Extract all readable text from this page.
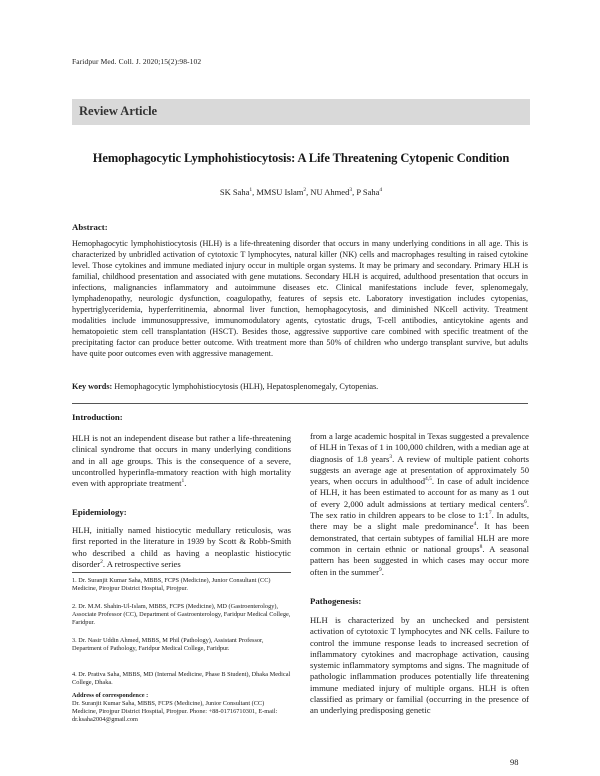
Faridpur Med. Coll. J. 2020;15(2):98-102
Review Article
Hemophagocytic Lymphohistiocytosis: A Life Threatening Cytopenic Condition
SK Saha$^1$, MMSU Islam$^2$, NU Ahmed$^3$, P Saha$^4$
Abstract:
Hemophagocytic lymphohistiocytosis (HLH) is a life-threatening disorder that occurs in many underlying conditions in all age. This is characterized by unbridled activation of cytotoxic T lymphocytes, natural killer (NK) cells and macrophages resulting in raised cytokine level. Those cytokines and immune mediated injury occur in multiple organ systems. It may be primary and secondary. Primary HLH is familial, childhood presentation and associated with gene mutations. Secondary HLH is acquired, adulthood presentation that occurs in infections, malignancies inflammatory and autoimmune diseases etc. Clinical manifestations include fever, splenomegaly, lymphadenopathy, neurologic dysfunction, coagulopathy, features of sepsis etc. Laboratory investigation includes cytopenias, hypertriglyceridemia, hyperferritinemia, abnormal liver function, hemophagocytosis, and diminished NKcell activity. Treatment modalities include immunosuppressive, immunomodulatory agents, cytostatic drugs, T-cell antibodies, anticytokine agents and hematopoietic stem cell transplantation (HSCT). Besides those, aggressive supportive care combined with specific treatment of the precipitating factor can produce better outcome. With treatment more than 50% of children who undergo transplant survive, but adults have quite poor outcomes even with aggressive management.
Key words: Hemophagocytic lymphohistiocytosis (HLH), Hepatosplenomegaly, Cytopenias.
Introduction:
HLH is not an independent disease but rather a life-threatening clinical syndrome that occurs in many underlying conditions and in all age groups. This is the consequence of a severe, uncontrolled hyperinfla-mmatory reaction with high mortality even with appropriate treatment$^1$.
Epidemiology:
HLH, initially named histiocytic medullary reticulosis, was first reported in the literature in 1939 by Scott & Robb-Smith who described a child as having a neoplastic histiocytic disorder$^2$. A retrospective series
1. Dr. Suranjit Kumar Saha, MBBS, FCPS (Medicine), Junior Consultant (CC) Medicine, Pirojpur District Hospital, Pirojpur.
2. Dr. M.M. Shahin-Ul-Islam, MBBS, FCPS (Medicine), MD (Gastroenterology), Associate Professor (CC), Department of Gastroenterology, Faridpur Medical College, Faridpur.
3. Dr. Nasir Uddin Ahmed, MBBS, M Phil (Pathology), Assistant Professor, Department of Pathology, Faridpur Medical College, Faridpur.
4. Dr. Prativa Saha, MBBS, MD (Internal Medicine, Phase B Student), Dhaka Medical College, Dhaka.
Address of correspondence :
Dr. Suranjit Kumar Saha, MBBS, FCPS (Medicine), Junior Consultant (CC) Medicine, Pirojpur District Hospital, Pirojpur. Phone: +88-01716710301, E-mail: dr.ksaha2004@gmail.com
from a large academic hospital in Texas suggested a prevalence of HLH in Texas of 1 in 100,000 children, with a median age at diagnosis of 1.8 years$^3$. A review of multiple patient cohorts suggests an average age at presentation of approximately 50 years, when occurs in adulthood$^{4,5}$. In case of adult incidence of HLH, it has been estimated to account for as many as 1 out of every 2,000 adult admissions at tertiary medical centers$^6$. The sex ratio in children appears to be close to $1:1^7$. In adults, there may be a slight male predominance$^4$. It has been demonstrated, that certain subtypes of familial HLH are more common in certain ethnic or national groups$^8$. A seasonal pattern has been suggested in which cases may occur more often in the summer$^9$.
Pathogenesis:
HLH is characterized by an unchecked and persistent activation of cytotoxic T lymphocytes and NK cells. Failure to control the immune response leads to increased secretion of inflammatory cytokines and macrophage activation, causing systemic inflammatory symptoms and signs. The magnitude of pathologic inflammation produces potentially life threatening immune mediated injury of multiple organs. HLH is often classified as primary or familial (occurring in the presence of an underlying predisposing genetic
98
